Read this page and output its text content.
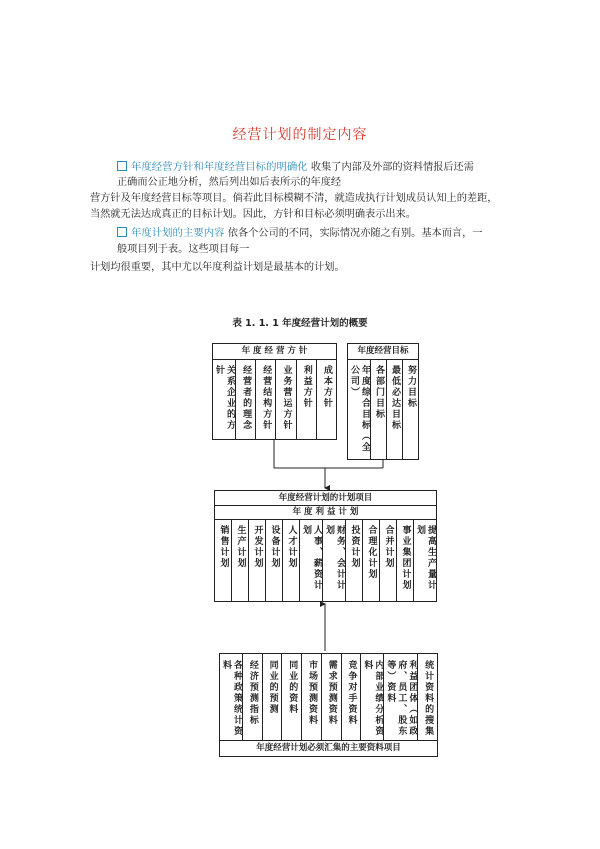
经营计划的制定内容
年度经营方针和年度经营目标的明确化 收集了内部及外部的资料情报后还需
正确而公正地分析，然后列出如后表所示的年度经
营方针及年度经营目标等项目。倘若此目标模糊不清，就造成执行计划成员认知上的差距，
当然就无法达成真正的目标计划。因此，方针和目标必须明确表示出来。
年度计划的主要内容 依各个公司的不同，实际情况亦随之有别。基本而言，一
般项目列于表。这些项目每一
计划均很重要，其中尤以年度利益计划是最基本的计划。
表 1. 1. 1 年度经营计划的概要
年 度 经 营 方 针
关系企业的方针	经营者的理念 经营结构方针 业务营运方针 利益方针 成本方针
年度经营目标
年度综合目标（全公司）	各部门目标 最低必达目标 努力目标
年度经营计划的计划项目
年 度 利 益 计 划
销售计划 生产计划 开发计划 设备计划 人才计划	人事、薪资计划	财务、会计计划	投资计划 合理化计划 合并计划 事业集团计划	提高生产量计划
各种政策统计资料	经济预测指标 同业的预测 同业的资料 市场预测资料 需求预测资料 竞争对手资料	内部业绩分析资料	利益团体（如政府、员工、股东等）资料	统计资料的搜集
年度经营计划必须汇集的主要资料项目
